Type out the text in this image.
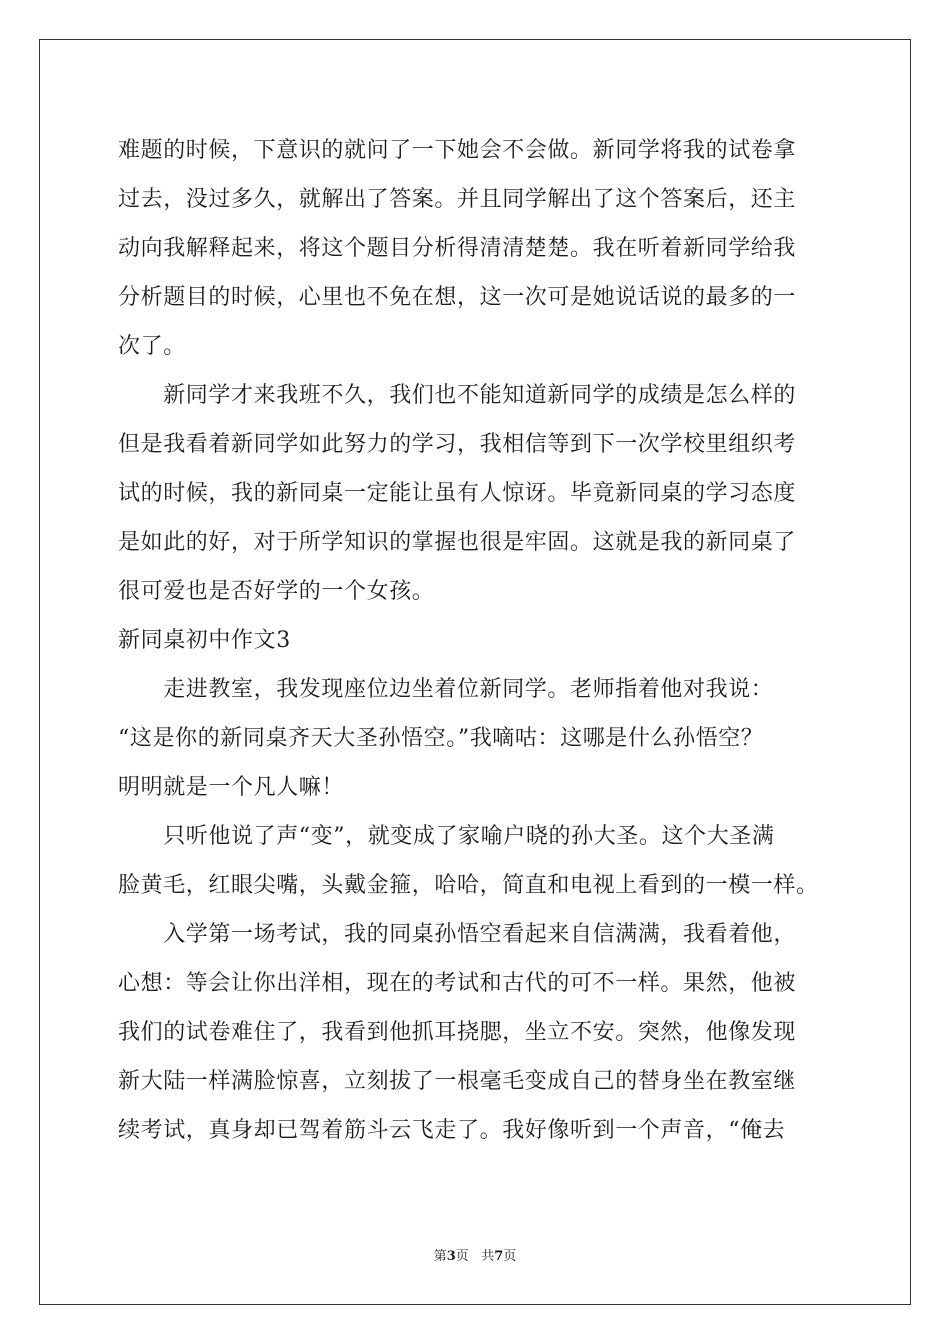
难题的时候，下意识的就问了一下她会不会做。新同学将我的试卷拿
过去，没过多久，就解出了答案。并且同学解出了这个答案后，还主
动向我解释起来，将这个题目分析得清清楚楚。我在听着新同学给我
分析题目的时候，心里也不免在想，这一次可是她说话说的最多的一
次了。
　　新同学才来我班不久，我们也不能知道新同学的成绩是怎么样的
但是我看着新同学如此努力的学习，我相信等到下一次学校里组织考
试的时候，我的新同桌一定能让虽有人惊讶。毕竟新同桌的学习态度
是如此的好，对于所学知识的掌握也很是牢固。这就是我的新同桌了
很可爱也是否好学的一个女孩。
新同桌初中作文3
　　走进教室，我发现座位边坐着位新同学。老师指着他对我说：
“这是你的新同桌齐天大圣孙悟空。”我嘀咕：这哪是什么孙悟空？
明明就是一个凡人嘛！
　　只听他说了声“变”，就变成了家喻户晓的孙大圣。这个大圣满
脸黄毛，红眼尖嘴，头戴金箍，哈哈，简直和电视上看到的一模一样。
　　入学第一场考试，我的同桌孙悟空看起来自信满满，我看着他，
心想：等会让你出洋相，现在的考试和古代的可不一样。果然，他被
我们的试卷难住了，我看到他抓耳挠腮，坐立不安。突然，他像发现
新大陆一样满脸惊喜，立刻拔了一根毫毛变成自己的替身坐在教室继
续考试，真身却已驾着筋斗云飞走了。我好像听到一个声音，“俺去
第3页 共7页
